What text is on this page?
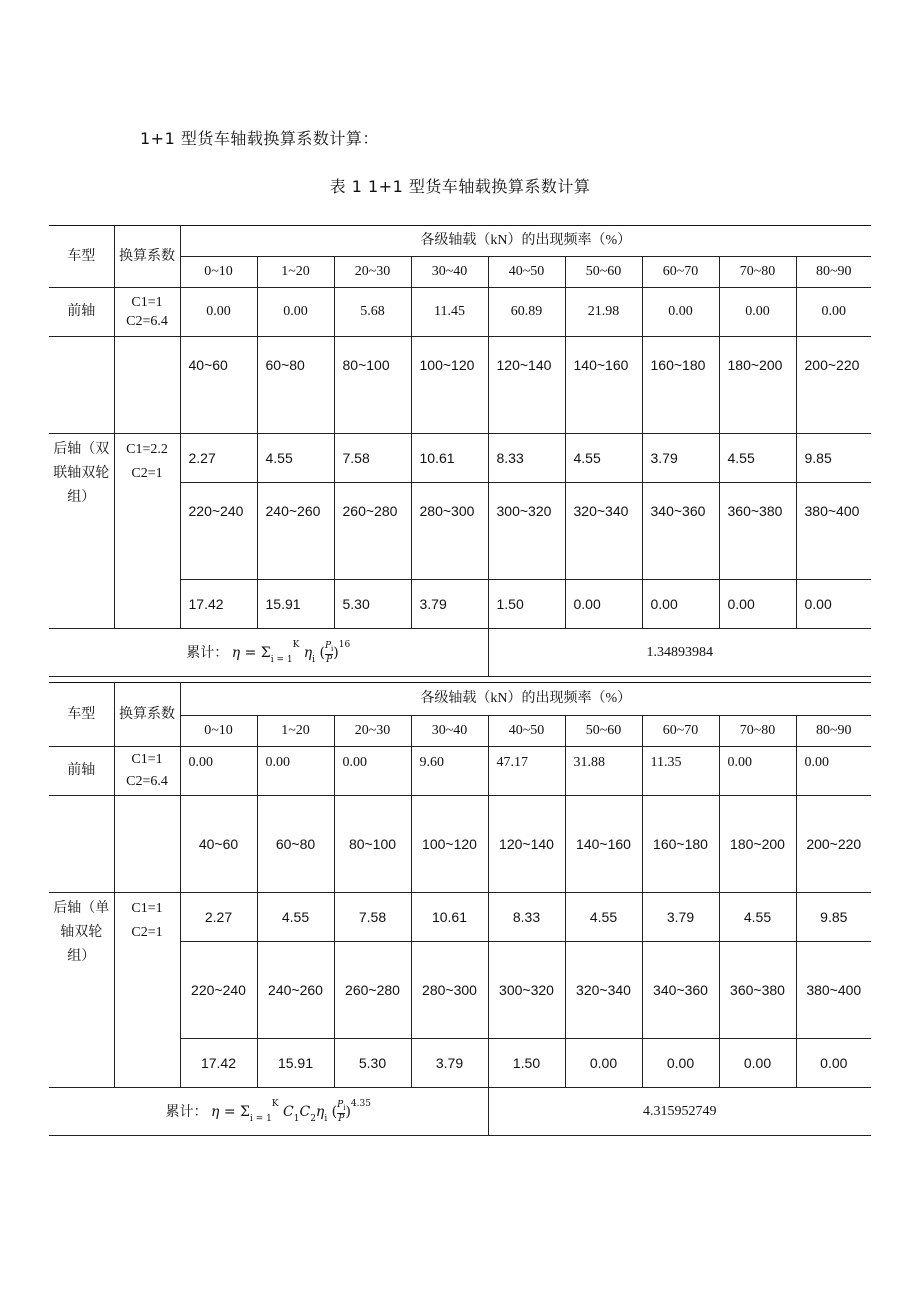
1+1 型货车轴载换算系数计算：
表 1 1+1 型货车轴载换算系数计算
车型	换算系数	各级轴载（kN）的出现频率（%）								
		0~10	1~20	20~30	30~40	40~50	50~60	60~70	70~80	80~90
前轴	C1=1
C2=6.4	0.00	0.00	5.68	11.45	60.89	21.98	0.00	0.00	0.00
		40~60	60~80	80~100	100~120	120~140	140~160	160~180	180~200	200~220
后轴（双联轴双轮组）	C1=2.2
C2=1	2.27	4.55	7.58	10.61	8.33	4.55	3.79	4.55	9.85
		220~240	240~260	260~280	280~300	300~320	320~340	340~360	360~380	380~400
		17.42	15.91	5.30	3.79	1.50	0.00	0.00	0.00	0.00
累计： $\eta = \Sigma_{i = 1}^K$ $\eta_i$ ( $\frac{P_i}{P} )^{16}$						1.34893984				
车型	换算系数	各级轴载（kN）的出现频率（%）								
		0~10	1~20	20~30	30~40	40~50	50~60	60~70	70~80	80~90
前轴	C1=1
C2=6.4	0.00	0.00	0.00	9.60	47.17	31.88	11.35	0.00	0.00
		40~60	60~80	80~100	100~120	120~140	140~160	160~180	180~200	200~220
后轴（单轴双轮组）	C1=1
C2=1	2.27	4.55	7.58	10.61	8.33	4.55	3.79	4.55	9.85
		220~240	240~260	260~280	280~300	300~320	320~340	340~360	360~380	380~400
		17.42	15.91	5.30	3.79	1.50	0.00	0.00	0.00	0.00
累计： $\eta = \Sigma_{i = 1}^K$ $C_1C_2\eta_i$ ( $\frac{P_i}{P} )^{4.35}$						4.315952749				
